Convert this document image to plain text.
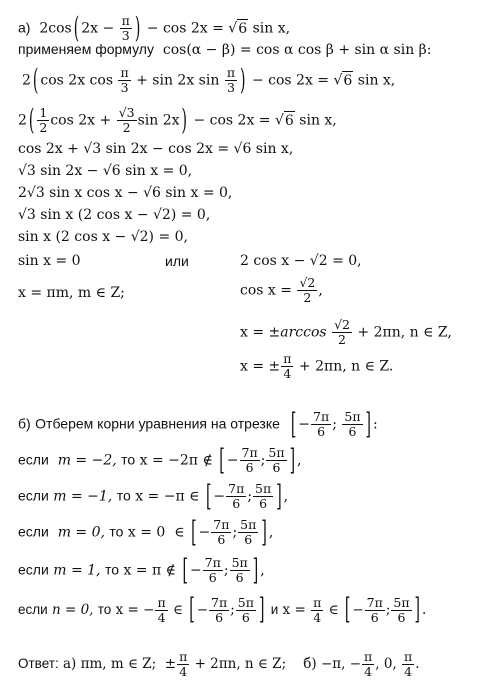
а)  2cos ( $2x - \frac{\pi}{3}$ ) − cos 2x = √6 sin x,
применяем формулу cos(α − β) = cos α cos β + sin α sin β:
2 ( cos 2x $\cos \frac{\pi}{3} + \sin 2x$ $\sin \frac{\pi}{3}$ ) − cos 2x = √6 sin x,
2 ( $\frac{1}{2}$ $\cos 2x + \frac{√3}{2}$ sin 2x ) − cos 2x = √6 sin x,
cos 2x + √3 sin 2x − cos 2x = √6 sin x,
√3 sin 2x − √6 sin x = 0,
2√3 sin x cos x − √6 sin x = 0,
√3 sin x (2 cos x − √2) = 0,
sin x (2 cos x − √2) = 0,
sin x = 0	или	2 cos x − √2 = 0,
x = πm, m ∈ Z;	$\cos x = \frac{√2}{2}$ ,
$x = \pm\arccos \frac{√2}{2} + 2\pi n$, n ∈ Z,
x = ± $\frac{\pi}{4} + 2\pi n$, n ∈ Z.
б) Отберем корни уравнения на отрезке [ − $\frac{7\pi}{6}$ ; $\frac{5\pi}{6}$ ] :
если m = −2, то x = −2π ∉ [ − $\frac{7\pi}{6}$ ; $\frac{5\pi}{6}$ ] ,
если m = −1, то x = −π ∈ [ − $\frac{7\pi}{6}$ ; $\frac{5\pi}{6}$ ] ,
если m = 0, то x = 0 ∈ [ − $\frac{7\pi}{6}$ ; $\frac{5\pi}{6}$ ] ,
если m = 1, то x = π ∉ [ − $\frac{7\pi}{6}$ ; $\frac{5\pi}{6}$ ] ,
если n = 0, то x = − $\frac{\pi}{4}$ ∈ [ − $\frac{7\pi}{6}$ ; $\frac{5\pi}{6}$ ] и $x = \frac{\pi}{4}$ ∈ [ − $\frac{7\pi}{6}$ ; $\frac{5\pi}{6}$ ] .
Ответ: а) πm, m ∈ Z;  ± $\frac{\pi}{4} + 2\pi n$, n ∈ Z;    б) −π, − $\frac{\pi}{4}$ , 0, $\frac{\pi}{4}$ .
